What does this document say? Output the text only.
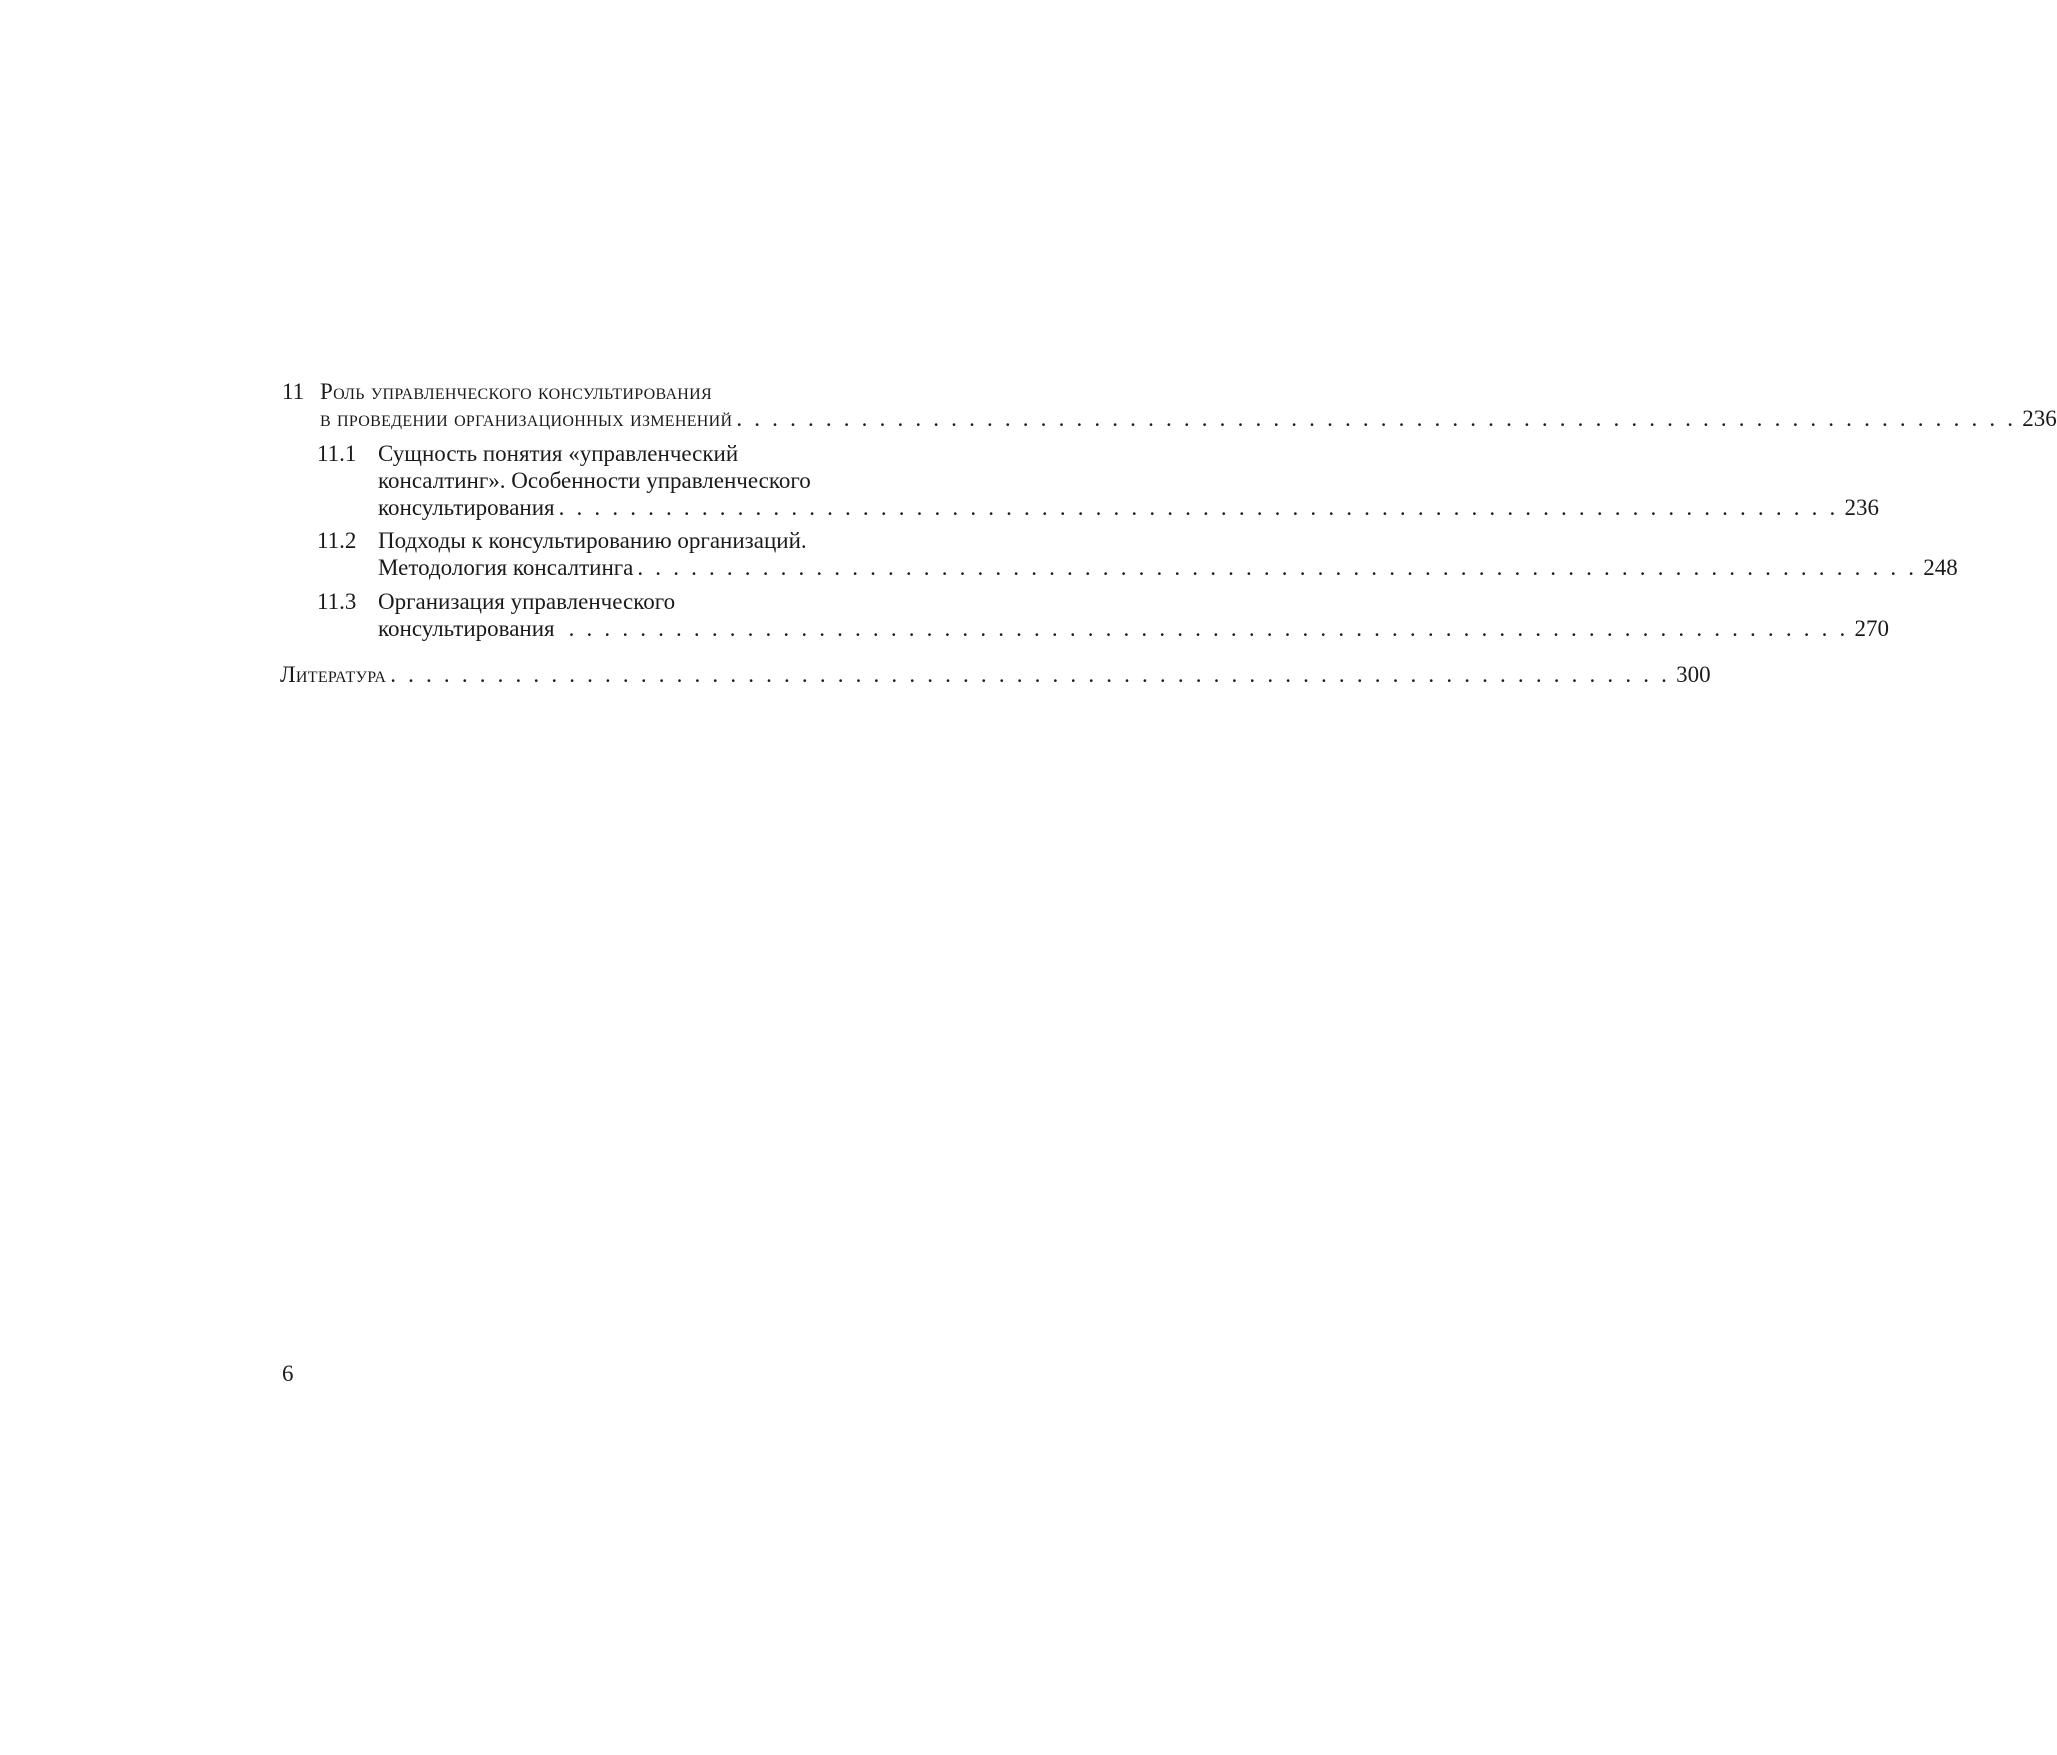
11 Роль управленческого консультирования
в проведении организационных изменений . . . . . . . . . . . . . . . . . . . . . . . . . . . . . . . . . . . . . . . . . . . . . . . . . . . . . . . . . . . . . . . . . . . . . . . . 236
11.1 Сущность понятия «управленческий
консалтинг». Особенности управленческого
консультирования . . . . . . . . . . . . . . . . . . . . . . . . . . . . . . . . . . . . . . . . . . . . . . . . . . . . . . . . . . . . . . . . . . . . . . . . 236
11.2 Подходы к консультированию организаций.
Методология консалтинга . . . . . . . . . . . . . . . . . . . . . . . . . . . . . . . . . . . . . . . . . . . . . . . . . . . . . . . . . . . . . . . . . . . . . . . . 248
11.3 Организация управленческого
консультирования . . . . . . . . . . . . . . . . . . . . . . . . . . . . . . . . . . . . . . . . . . . . . . . . . . . . . . . . . . . . . . . . . . . . . . . . 270
Литература . . . . . . . . . . . . . . . . . . . . . . . . . . . . . . . . . . . . . . . . . . . . . . . . . . . . . . . . . . . . . . . . . . . . . . . . 300
6
